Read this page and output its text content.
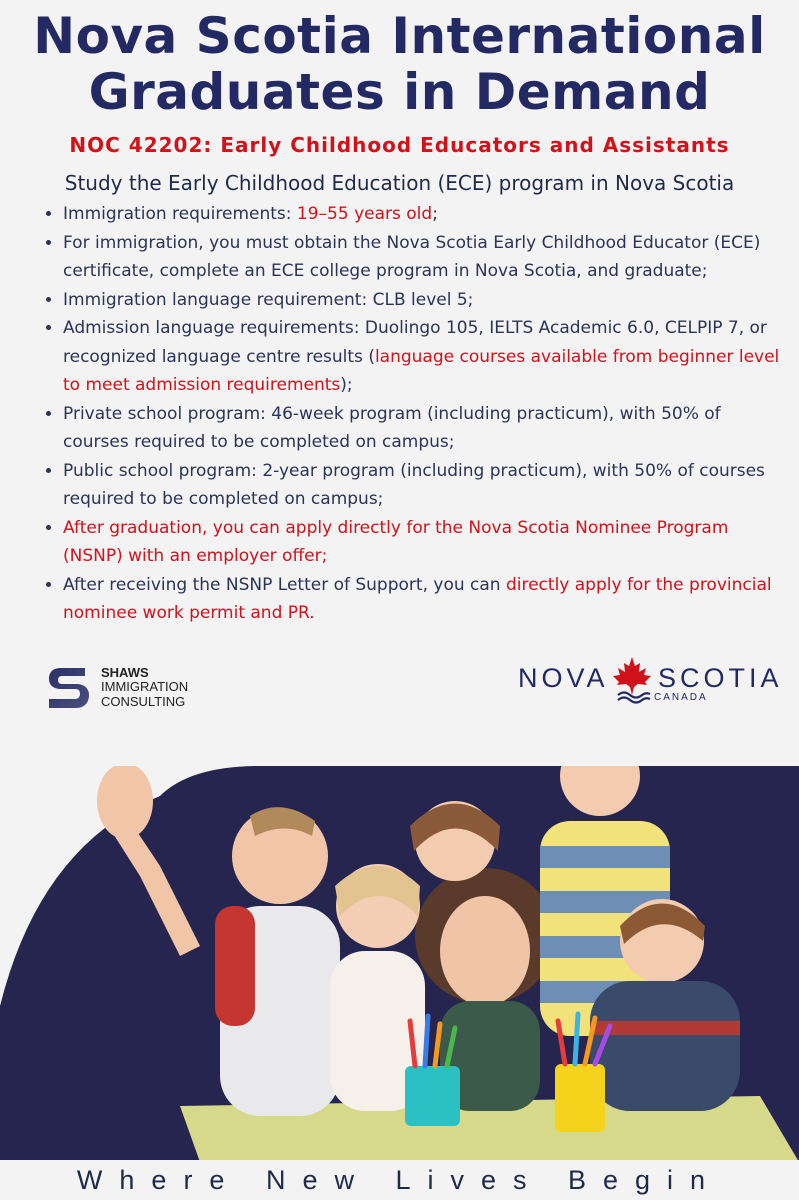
Nova Scotia International
Graduates in Demand
NOC 42202: Early Childhood Educators and Assistants
Study the Early Childhood Education (ECE) program in Nova Scotia
• Immigration requirements: 19–55 years old;
• For immigration, you must obtain the Nova Scotia Early Childhood Educator (ECE) certificate, complete an ECE college program in Nova Scotia, and graduate;
• Immigration language requirement: CLB level 5;
• Admission language requirements: Duolingo 105, IELTS Academic 6.0, CELPIP 7, or recognized language centre results (language courses available from beginner level to meet admission requirements);
• Private school program: 46-week program (including practicum), with 50% of courses required to be completed on campus;
• Public school program: 2-year program (including practicum), with 50% of courses required to be completed on campus;
• After graduation, you can apply directly for the Nova Scotia Nominee Program (NSNP) with an employer offer;
• After receiving the NSNP Letter of Support, you can directly apply for the provincial nominee work permit and PR.
SHAWS
IMMIGRATION
CONSULTING
NOVA SCOTIA
CANADA
Where New Lives Begin
